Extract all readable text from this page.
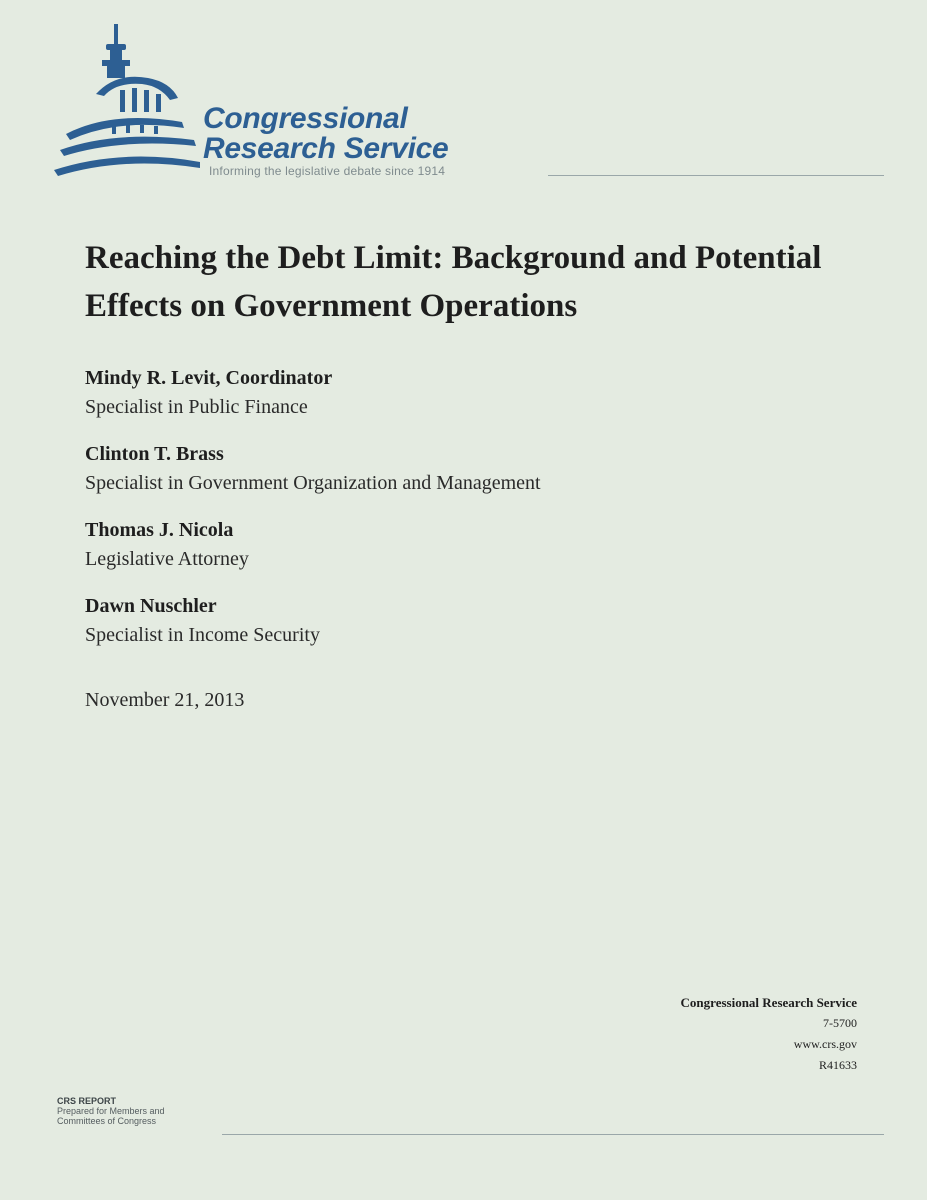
Congressional
Research Service
Informing the legislative debate since 1914
Reaching the Debt Limit: Background and Potential Effects on Government Operations
Mindy R. Levit, Coordinator
Specialist in Public Finance
Clinton T. Brass
Specialist in Government Organization and Management
Thomas J. Nicola
Legislative Attorney
Dawn Nuschler
Specialist in Income Security
November 21, 2013
Congressional Research Service
7-5700
www.crs.gov
R41633
CRS REPORT
Prepared for Members and
Committees of Congress
